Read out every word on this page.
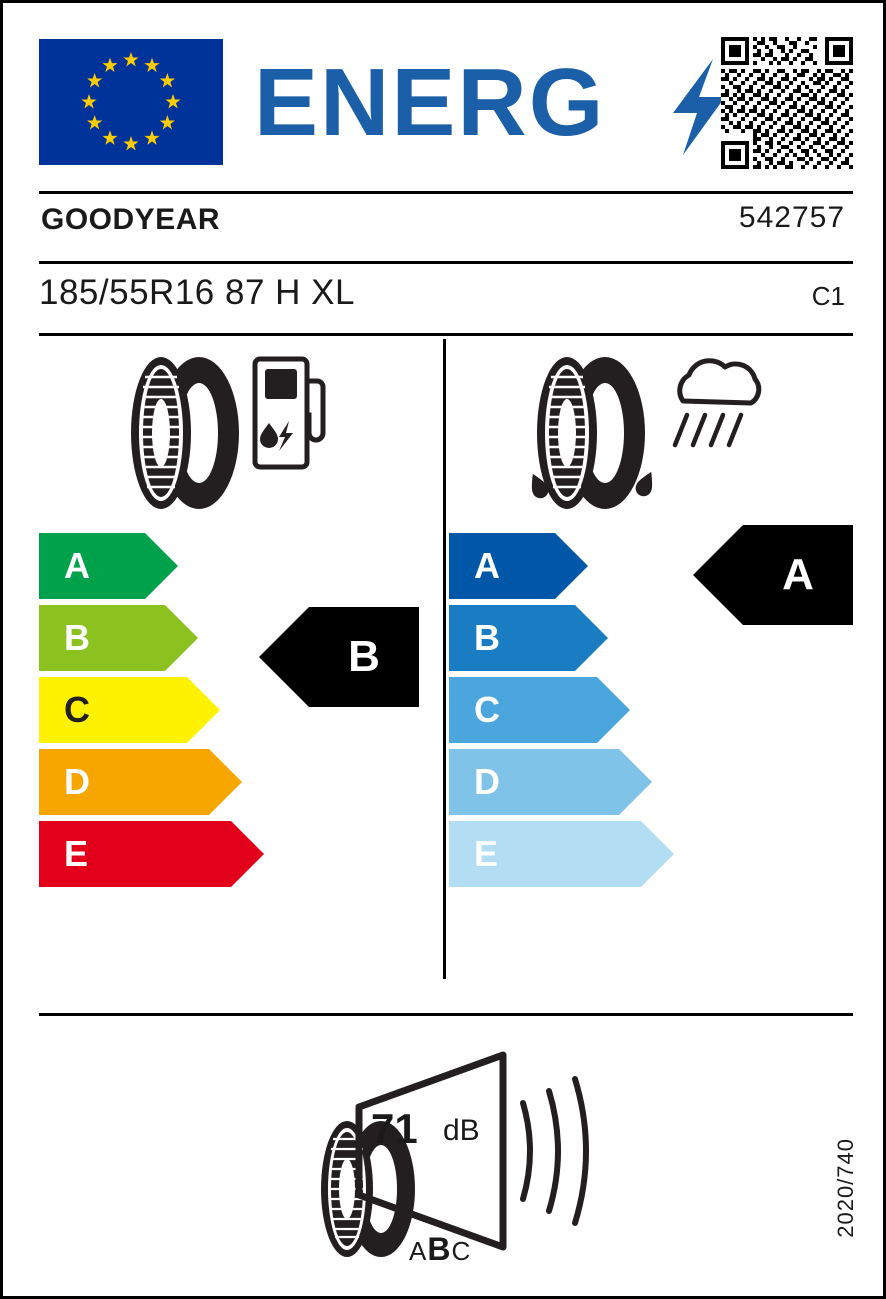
ENERG
GOODYEAR	542757
185/55R16 87 H XL	C1
A
B
C
D
E
B
A
B
C
D
E
A
71 dB
ABC
2020/740
